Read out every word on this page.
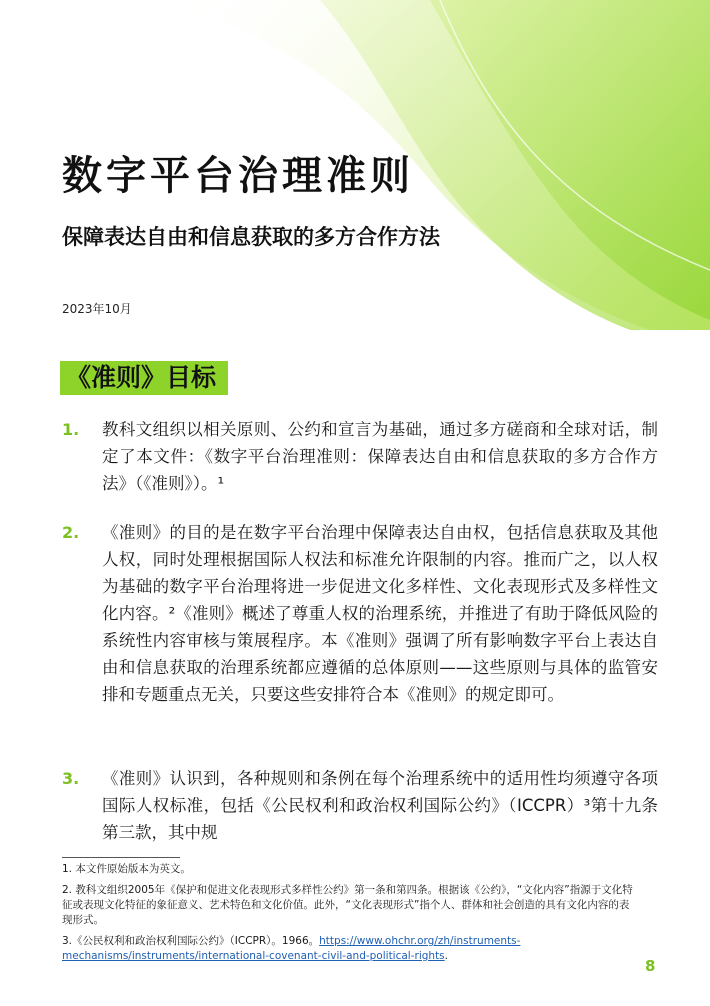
数字平台治理准则
保障表达自由和信息获取的多方合作方法
2023年10月
《准则》目标
1. 教科文组织以相关原则、公约和宣言为基础，通过多方磋商和全球对话，制定了本文件：《数字平台治理准则：保障表达自由和信息获取的多方合作方法》（《准则》）。¹
2. 《准则》的目的是在数字平台治理中保障表达自由权，包括信息获取及其他人权，同时处理根据国际人权法和标准允许限制的内容。推而广之，以人权为基础的数字平台治理将进一步促进文化多样性、文化表现形式及多样性文化内容。²《准则》概述了尊重人权的治理系统，并推进了有助于降低风险的系统性内容审核与策展程序。本《准则》强调了所有影响数字平台上表达自由和信息获取的治理系统都应遵循的总体原则——这些原则与具体的监管安排和专题重点无关，只要这些安排符合本《准则》的规定即可。
3. 《准则》认识到，各种规则和条例在每个治理系统中的适用性均须遵守各项国际人权标准，包括《公民权利和政治权利国际公约》（ICCPR）³第十九条第三款，其中规

1. 本文件原始版本为英文。

2. 教科文组织2005年《保护和促进文化表现形式多样性公约》第一条和第四条。根据该《公约》，“文化内容”指源于文化特征或表现文化特征的象征意义、艺术特色和文化价值。此外，“文化表现形式”指个人、群体和社会创造的具有文化内容的表现形式。

3.《公民权利和政治权利国际公约》（ICCPR）。1966。https://www.ohchr.org/zh/instruments-mechanisms/instruments/international-covenant-civil-and-political-rights.

8
